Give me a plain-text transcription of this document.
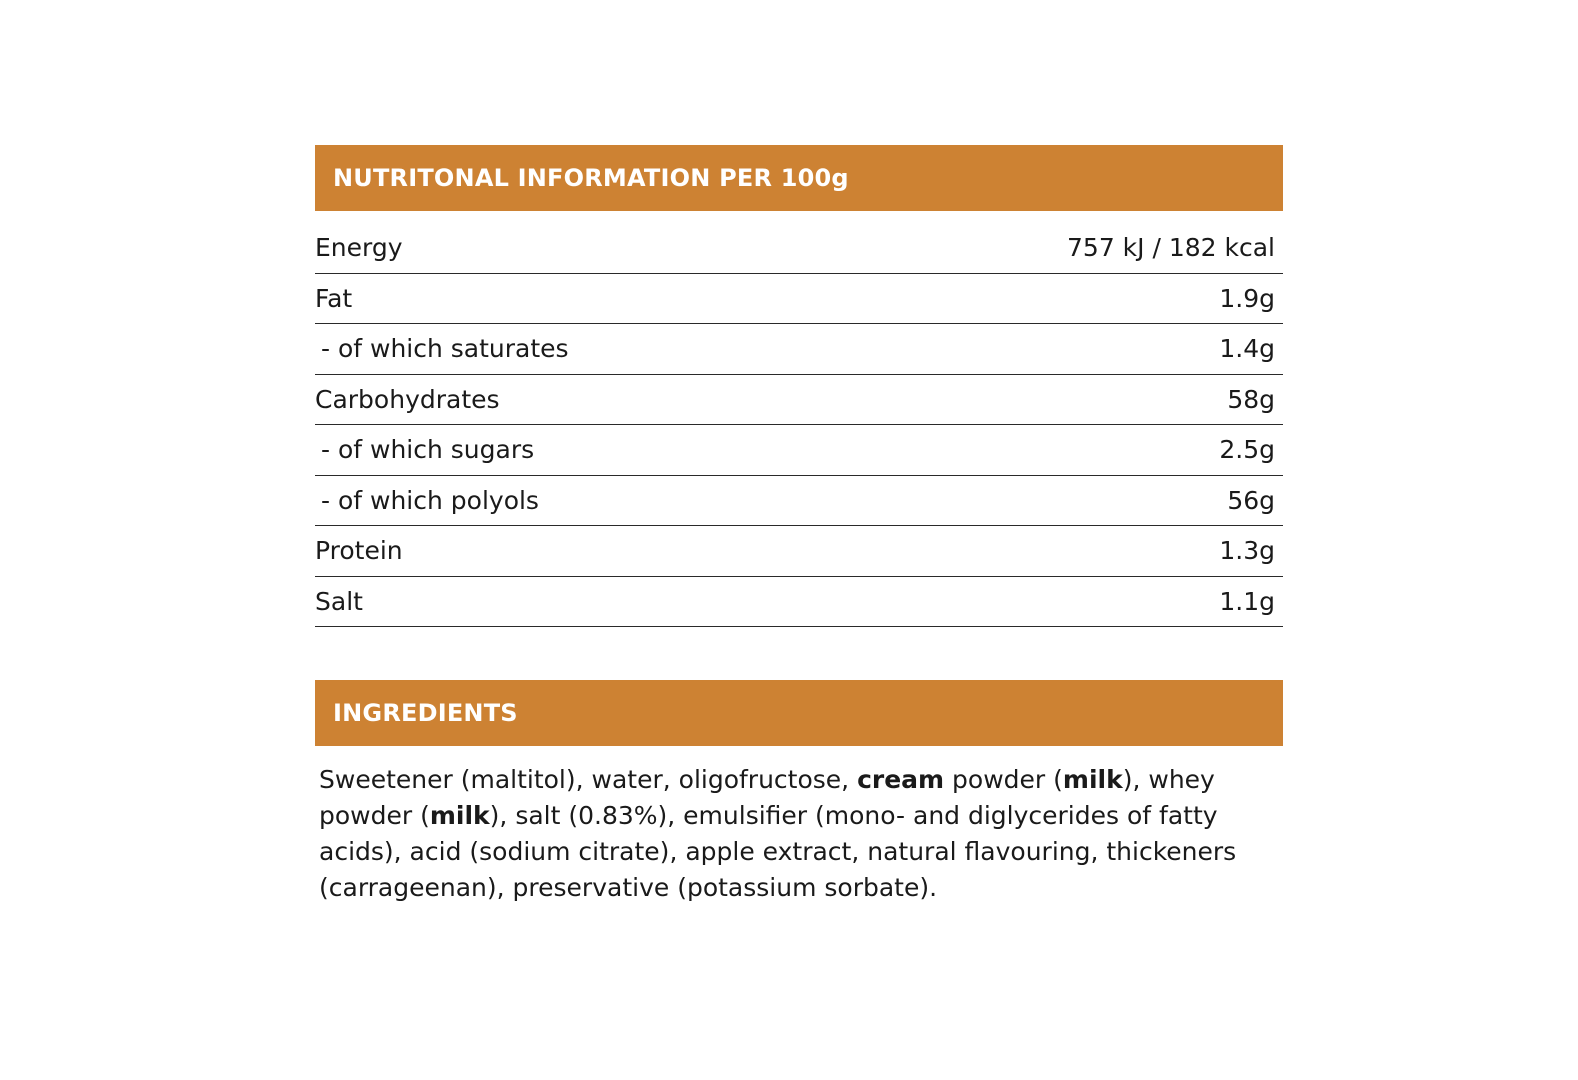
NUTRITONAL INFORMATION PER 100g
Energy	757 kJ / 182 kcal
Fat	1.9g
- of which saturates	1.4g
Carbohydrates	58g
- of which sugars	2.5g
- of which polyols	56g
Protein	1.3g
Salt	1.1g
INGREDIENTS
Sweetener (maltitol), water, oligofructose, cream powder (milk), whey powder (milk), salt (0.83%), emulsifier (mono- and diglycerides of fatty acids), acid (sodium citrate), apple extract, natural flavouring, thickeners (carrageenan), preservative (potassium sorbate).
